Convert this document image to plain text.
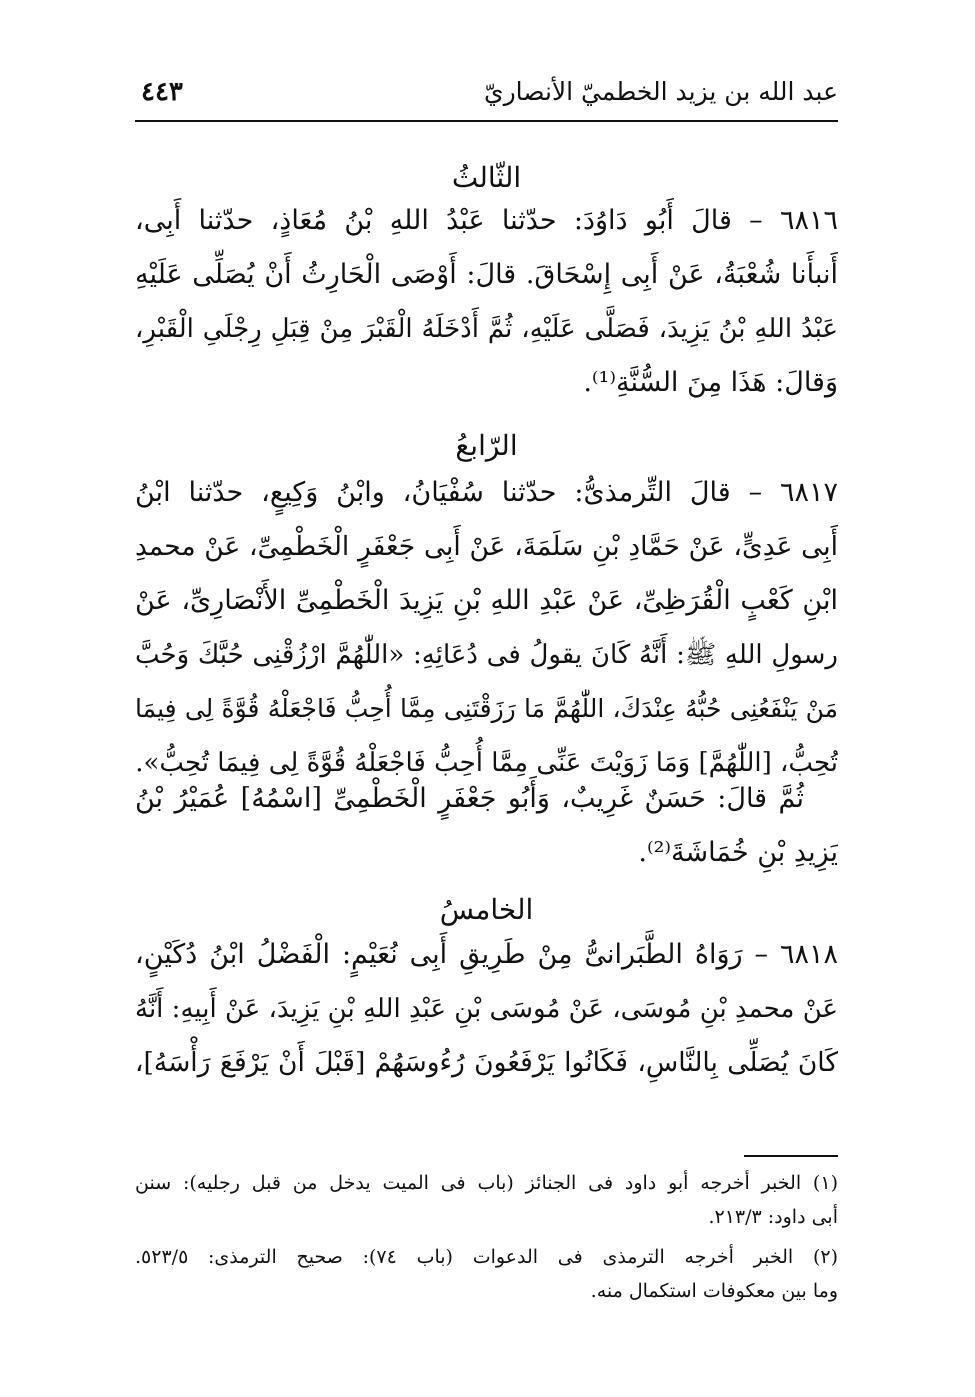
عبد الله بن يزيد الخطميّ الأنصاريّ
٤٤٣
الثّالثُ
٦٨١٦ – قالَ أَبُو دَاوُدَ: حدّثنا عَبْدُ اللهِ بْنُ مُعَاذٍ، حدّثنا أَبِى،
أَنبأَنا شُعْبَةُ، عَنْ أَبِى إِسْحَاقَ. قالَ: أَوْصَى الْحَارِثُ أَنْ يُصَلِّى عَلَيْهِ
عَبْدُ اللهِ بْنُ يَزِيدَ، فَصَلَّى عَلَيْهِ، ثُمَّ أَدْخَلَهُ الْقَبْرَ مِنْ قِبَلِ رِجْلَىِ الْقَبْرِ،
وَقالَ: هَذَا مِنَ السُّنَّةِ⁽¹⁾.
الرّابعُ
٦٨١٧ – قالَ التِّرمذىُّ: حدّثنا سُفْيَانُ، وابْنُ وَكِيعٍ، حدّثنا ابْنُ
أَبِى عَدِىٍّ، عَنْ حَمَّادِ بْنِ سَلَمَةَ، عَنْ أَبِى جَعْفَرٍ الْخَطْمِىِّ، عَنْ محمدِ
ابْنِ كَعْبٍ الْقُرَظِىِّ، عَنْ عَبْدِ اللهِ بْنِ يَزِيدَ الْخَطْمِىِّ الأَنْصَارِىِّ، عَنْ
رسولِ اللهِ ﷺ: أَنَّهُ كَانَ يقولُ فى دُعَائِهِ: «اللّٰهُمَّ ارْزُقْنِى حُبَّكَ وَحُبَّ
مَنْ يَنْفَعُنِى حُبُّهُ عِنْدَكَ، اللّٰهُمَّ مَا رَزَقْتَنِى مِمَّا أُحِبُّ فَاجْعَلْهُ قُوَّةً لِى فِيمَا
تُحِبُّ، [اللّٰهُمَّ] وَمَا زَوَيْتَ عَنِّى مِمَّا أُحِبُّ فَاجْعَلْهُ قُوَّةً لِى فِيمَا تُحِبُّ».
ثُمَّ قالَ: حَسَنٌ غَرِيبٌ، وَأَبُو جَعْفَرٍ الْخَطْمِىِّ [اسْمُهُ] عُمَيْرُ بْنُ
يَزِيدِ بْنِ خُمَاشَةَ⁽²⁾.
الخامسُ
٦٨١٨ – رَوَاهُ الطَّبَرانىُّ مِنْ طَرِيقِ أَبِى نُعَيْمٍ: الْفَضْلُ ابْنُ دُكَيْنٍ،
عَنْ محمدِ بْنِ مُوسَى، عَنْ مُوسَى بْنِ عَبْدِ اللهِ بْنِ يَزِيدَ، عَنْ أَبِيهِ: أَنَّهُ
كَانَ يُصَلِّى بِالنَّاسِ، فَكَانُوا يَرْفَعُونَ رُءُوسَهُمْ [قَبْلَ أَنْ يَرْفَعَ رَأْسَهُ]،
(١) الخبر أخرجه أبو داود فى الجنائز (باب فى الميت يدخل من قبل رجليه): سنن
أبى داود: ٢١٣/٣.
(٢) الخبر أخرجه الترمذى فى الدعوات (باب ٧٤): صحيح الترمذى: ٥٢٣/٥.
وما بين معكوفات استكمال منه.
